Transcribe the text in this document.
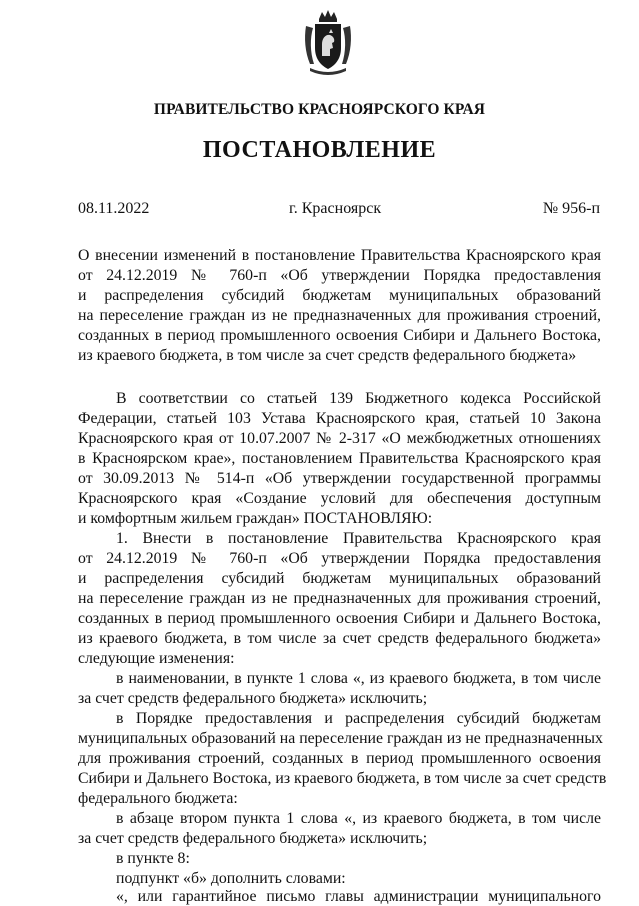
ПРАВИТЕЛЬСТВО КРАСНОЯРСКОГО КРАЯ
ПОСТАНОВЛЕНИЕ
08.11.2022	г. Красноярск	№ 956-п
О внесении изменений в постановление Правительства Красноярского края
от 24.12.2019 № 760-п «Об утверждении Порядка предоставления
и распределения субсидий бюджетам муниципальных образований
на переселение граждан из не предназначенных для проживания строений,
созданных в период промышленного освоения Сибири и Дальнего Востока,
из краевого бюджета, в том числе за счет средств федерального бюджета»
В соответствии со статьей 139 Бюджетного кодекса Российской
Федерации, статьей 103 Устава Красноярского края, статьей 10 Закона
Красноярского края от 10.07.2007 № 2-317 «О межбюджетных отношениях
в Красноярском крае», постановлением Правительства Красноярского края
от 30.09.2013 № 514-п «Об утверждении государственной программы
Красноярского края «Создание условий для обеспечения доступным
и комфортным жильем граждан» ПОСТАНОВЛЯЮ:
1. Внести в постановление Правительства Красноярского края
от 24.12.2019 № 760-п «Об утверждении Порядка предоставления
и распределения субсидий бюджетам муниципальных образований
на переселение граждан из не предназначенных для проживания строений,
созданных в период промышленного освоения Сибири и Дальнего Востока,
из краевого бюджета, в том числе за счет средств федерального бюджета»
следующие изменения:
в наименовании, в пункте 1 слова «, из краевого бюджета, в том числе
за счет средств федерального бюджета» исключить;
в Порядке предоставления и распределения субсидий бюджетам
муниципальных образований на переселение граждан из не предназначенных
для проживания строений, созданных в период промышленного освоения
Сибири и Дальнего Востока, из краевого бюджета, в том числе за счет средств
федерального бюджета:
в абзаце втором пункта 1 слова «, из краевого бюджета, в том числе
за счет средств федерального бюджета» исключить;
в пункте 8:
подпункт «б» дополнить словами:
«, или гарантийное письмо главы администрации муниципального
